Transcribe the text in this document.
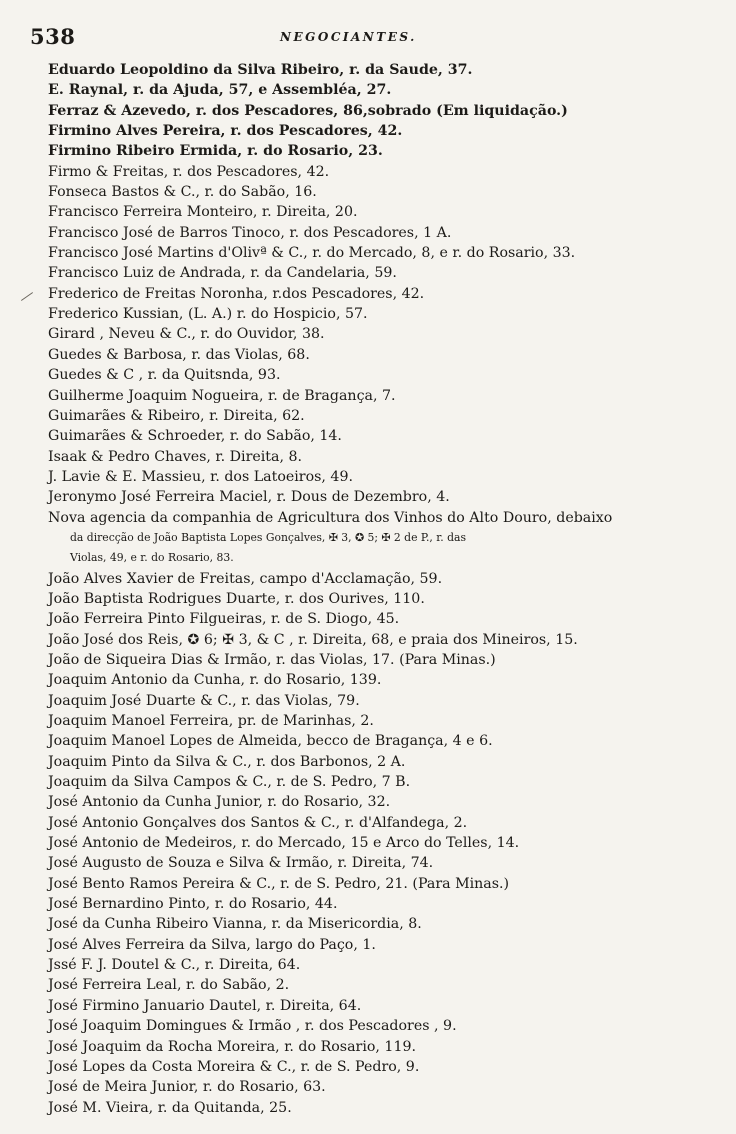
538	NEGOCIANTES.
Eduardo Leopoldino da Silva Ribeiro, r. da Saude, 37.
E. Raynal, r. da Ajuda, 57, e Assembléa, 27.
Ferraz & Azevedo, r. dos Pescadores, 86,sobrado (Em liquidação.)
Firmino Alves Pereira, r. dos Pescadores, 42.
Firmino Ribeiro Ermida, r. do Rosario, 23.
Firmo & Freitas, r. dos Pescadores, 42.
Fonseca Bastos & C., r. do Sabão, 16.
Francisco Ferreira Monteiro, r. Direita, 20.
Francisco José de Barros Tinoco, r. dos Pescadores, 1 A.
Francisco José Martins d'Olivª & C., r. do Mercado, 8, e r. do Rosario, 33.
Francisco Luiz de Andrada, r. da Candelaria, 59.
Frederico de Freitas Noronha, r.dos Pescadores, 42.
Frederico Kussian, (L. A.) r. do Hospicio, 57.
Girard , Neveu & C., r. do Ouvidor, 38.
Guedes & Barbosa, r. das Violas, 68.
Guedes & C , r. da Quitsnda, 93.
Guilherme Joaquim Nogueira, r. de Bragança, 7.
Guimarães & Ribeiro, r. Direita, 62.
Guimarães & Schroeder, r. do Sabão, 14.
Isaak & Pedro Chaves, r. Direita, 8.
J. Lavie & E. Massieu, r. dos Latoeiros, 49.
Jeronymo José Ferreira Maciel, r. Dous de Dezembro, 4.
Nova agencia da companhia de Agricultura dos Vinhos do Alto Douro, debaixo
da direcção de João Baptista Lopes Gonçalves, ✠ 3, ✪ 5; ✠ 2 de P., r. das
Violas, 49, e r. do Rosario, 83.
João Alves Xavier de Freitas, campo d'Acclamação, 59.
João Baptista Rodrigues Duarte, r. dos Ourives, 110.
João Ferreira Pinto Filgueiras, r. de S. Diogo, 45.
João José dos Reis, ✪ 6; ✠ 3, & C , r. Direita, 68, e praia dos Mineiros, 15.
João de Siqueira Dias & Irmão, r. das Violas, 17. (Para Minas.)
Joaquim Antonio da Cunha, r. do Rosario, 139.
Joaquim José Duarte & C., r. das Violas, 79.
Joaquim Manoel Ferreira, pr. de Marinhas, 2.
Joaquim Manoel Lopes de Almeida, becco de Bragança, 4 e 6.
Joaquim Pinto da Silva & C., r. dos Barbonos, 2 A.
Joaquim da Silva Campos & C., r. de S. Pedro, 7 B.
José Antonio da Cunha Junior, r. do Rosario, 32.
José Antonio Gonçalves dos Santos & C., r. d'Alfandega, 2.
José Antonio de Medeiros, r. do Mercado, 15 e Arco do Telles, 14.
José Augusto de Souza e Silva & Irmão, r. Direita, 74.
José Bento Ramos Pereira & C., r. de S. Pedro, 21. (Para Minas.)
José Bernardino Pinto, r. do Rosario, 44.
José da Cunha Ribeiro Vianna, r. da Misericordia, 8.
José Alves Ferreira da Silva, largo do Paço, 1.
Jssé F. J. Doutel & C., r. Direita, 64.
José Ferreira Leal, r. do Sabão, 2.
José Firmino Januario Dautel, r. Direita, 64.
José Joaquim Domingues & Irmão , r. dos Pescadores , 9.
José Joaquim da Rocha Moreira, r. do Rosario, 119.
José Lopes da Costa Moreira & C., r. de S. Pedro, 9.
José de Meira Junior, r. do Rosario, 63.
José M. Vieira, r. da Quitanda, 25.
